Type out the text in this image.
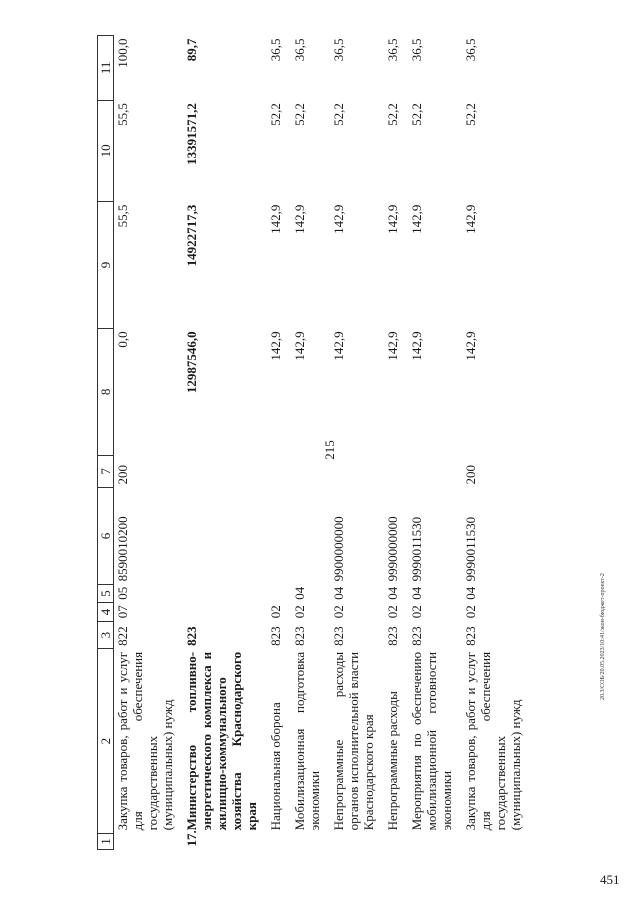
215
1	2	3	4	5	6	7	8	9	10	11
	Закупка товаров, работ и услуг для обеспечения государственных (муниципальных) нужд	822	07	05	8590010200	200	0,0	55,5	55,5	100,0
17.	Министерство топливно-энергетического комплекса и жилищно-коммунального хозяйства Краснодарского края	823					12987546,0	14922717,3	13391571,2	89,7
	Национальная оборона	823	02				142,9	142,9	52,2	36,5
	Мобилизационная подготовка экономики	823	02	04			142,9	142,9	52,2	36,5
	Непрограммные расходы органов исполнительной власти Краснодарского края	823	02	04	9900000000		142,9	142,9	52,2	36,5
	Непрограммные расходы	823	02	04	9990000000		142,9	142,9	52,2	36,5
	Мероприятия по обеспечению мобилизационной готовности экономики	823	02	04	9990011530		142,9	142,9	52,2	36,5
	Закупка товаров, работ и услуг для обеспечения государственных (муниципальных) нужд	823	02	04	9990011530	200	142,9	142,9	52,2	36,5
20.3/СОБ/20.05.2023/10:41/зкон-бюджет-проект-2
451
